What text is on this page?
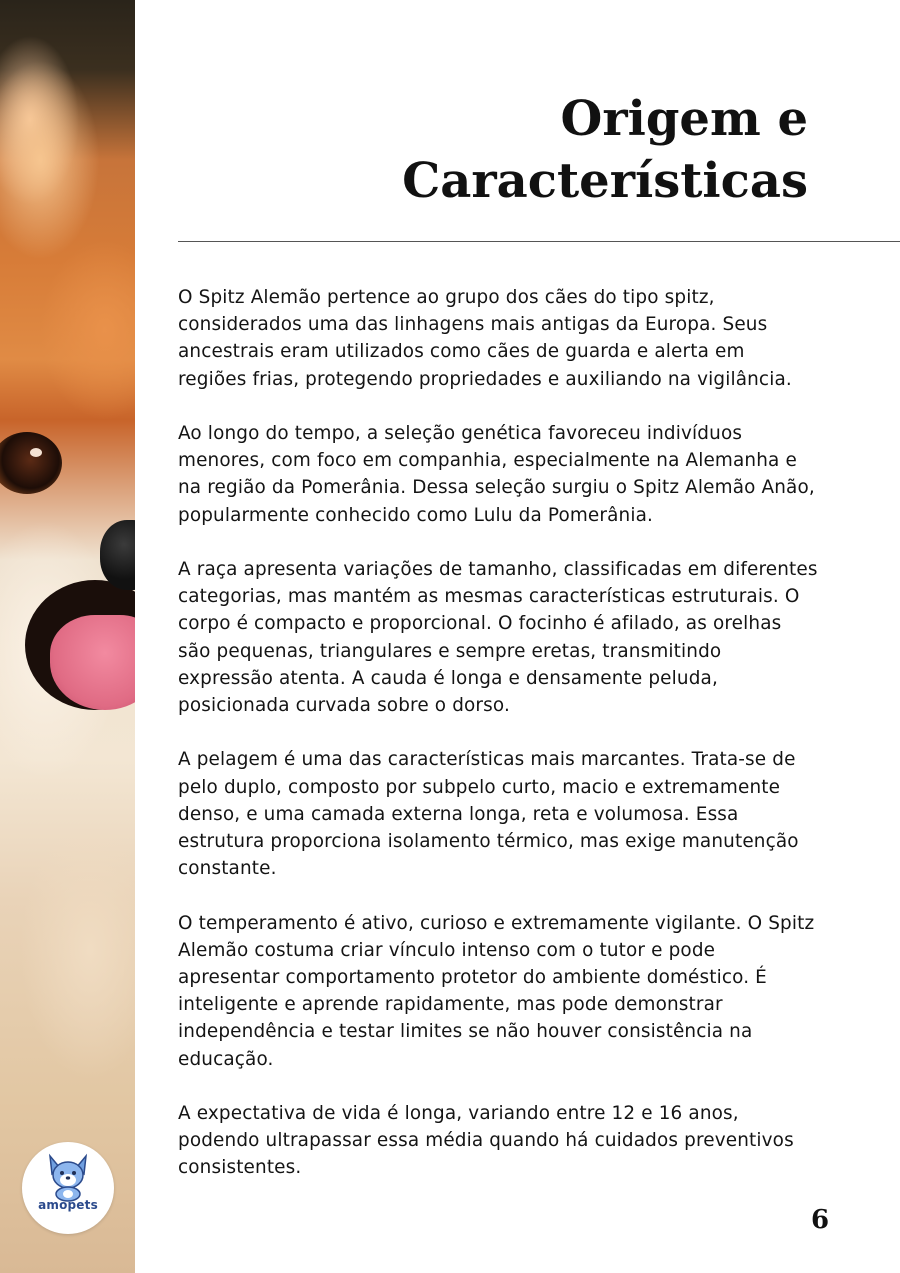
amopets
Origem e
Características

O Spitz Alemão pertence ao grupo dos cães do tipo spitz, considerados uma das linhagens mais antigas da Europa. Seus ancestrais eram utilizados como cães de guarda e alerta em regiões frias, protegendo propriedades e auxiliando na vigilância.

Ao longo do tempo, a seleção genética favoreceu indivíduos menores, com foco em companhia, especialmente na Alemanha e na região da Pomerânia. Dessa seleção surgiu o Spitz Alemão Anão, popularmente conhecido como Lulu da Pomerânia.

A raça apresenta variações de tamanho, classificadas em diferentes categorias, mas mantém as mesmas características estruturais. O corpo é compacto e proporcional. O focinho é afilado, as orelhas são pequenas, triangulares e sempre eretas, transmitindo expressão atenta. A cauda é longa e densamente peluda, posicionada curvada sobre o dorso.

A pelagem é uma das características mais marcantes. Trata-se de pelo duplo, composto por subpelo curto, macio e extremamente denso, e uma camada externa longa, reta e volumosa. Essa estrutura proporciona isolamento térmico, mas exige manutenção constante.

O temperamento é ativo, curioso e extremamente vigilante. O Spitz Alemão costuma criar vínculo intenso com o tutor e pode apresentar comportamento protetor do ambiente doméstico. É inteligente e aprende rapidamente, mas pode demonstrar independência e testar limites se não houver consistência na educação.

A expectativa de vida é longa, variando entre 12 e 16 anos, podendo ultrapassar essa média quando há cuidados preventivos consistentes.

6
